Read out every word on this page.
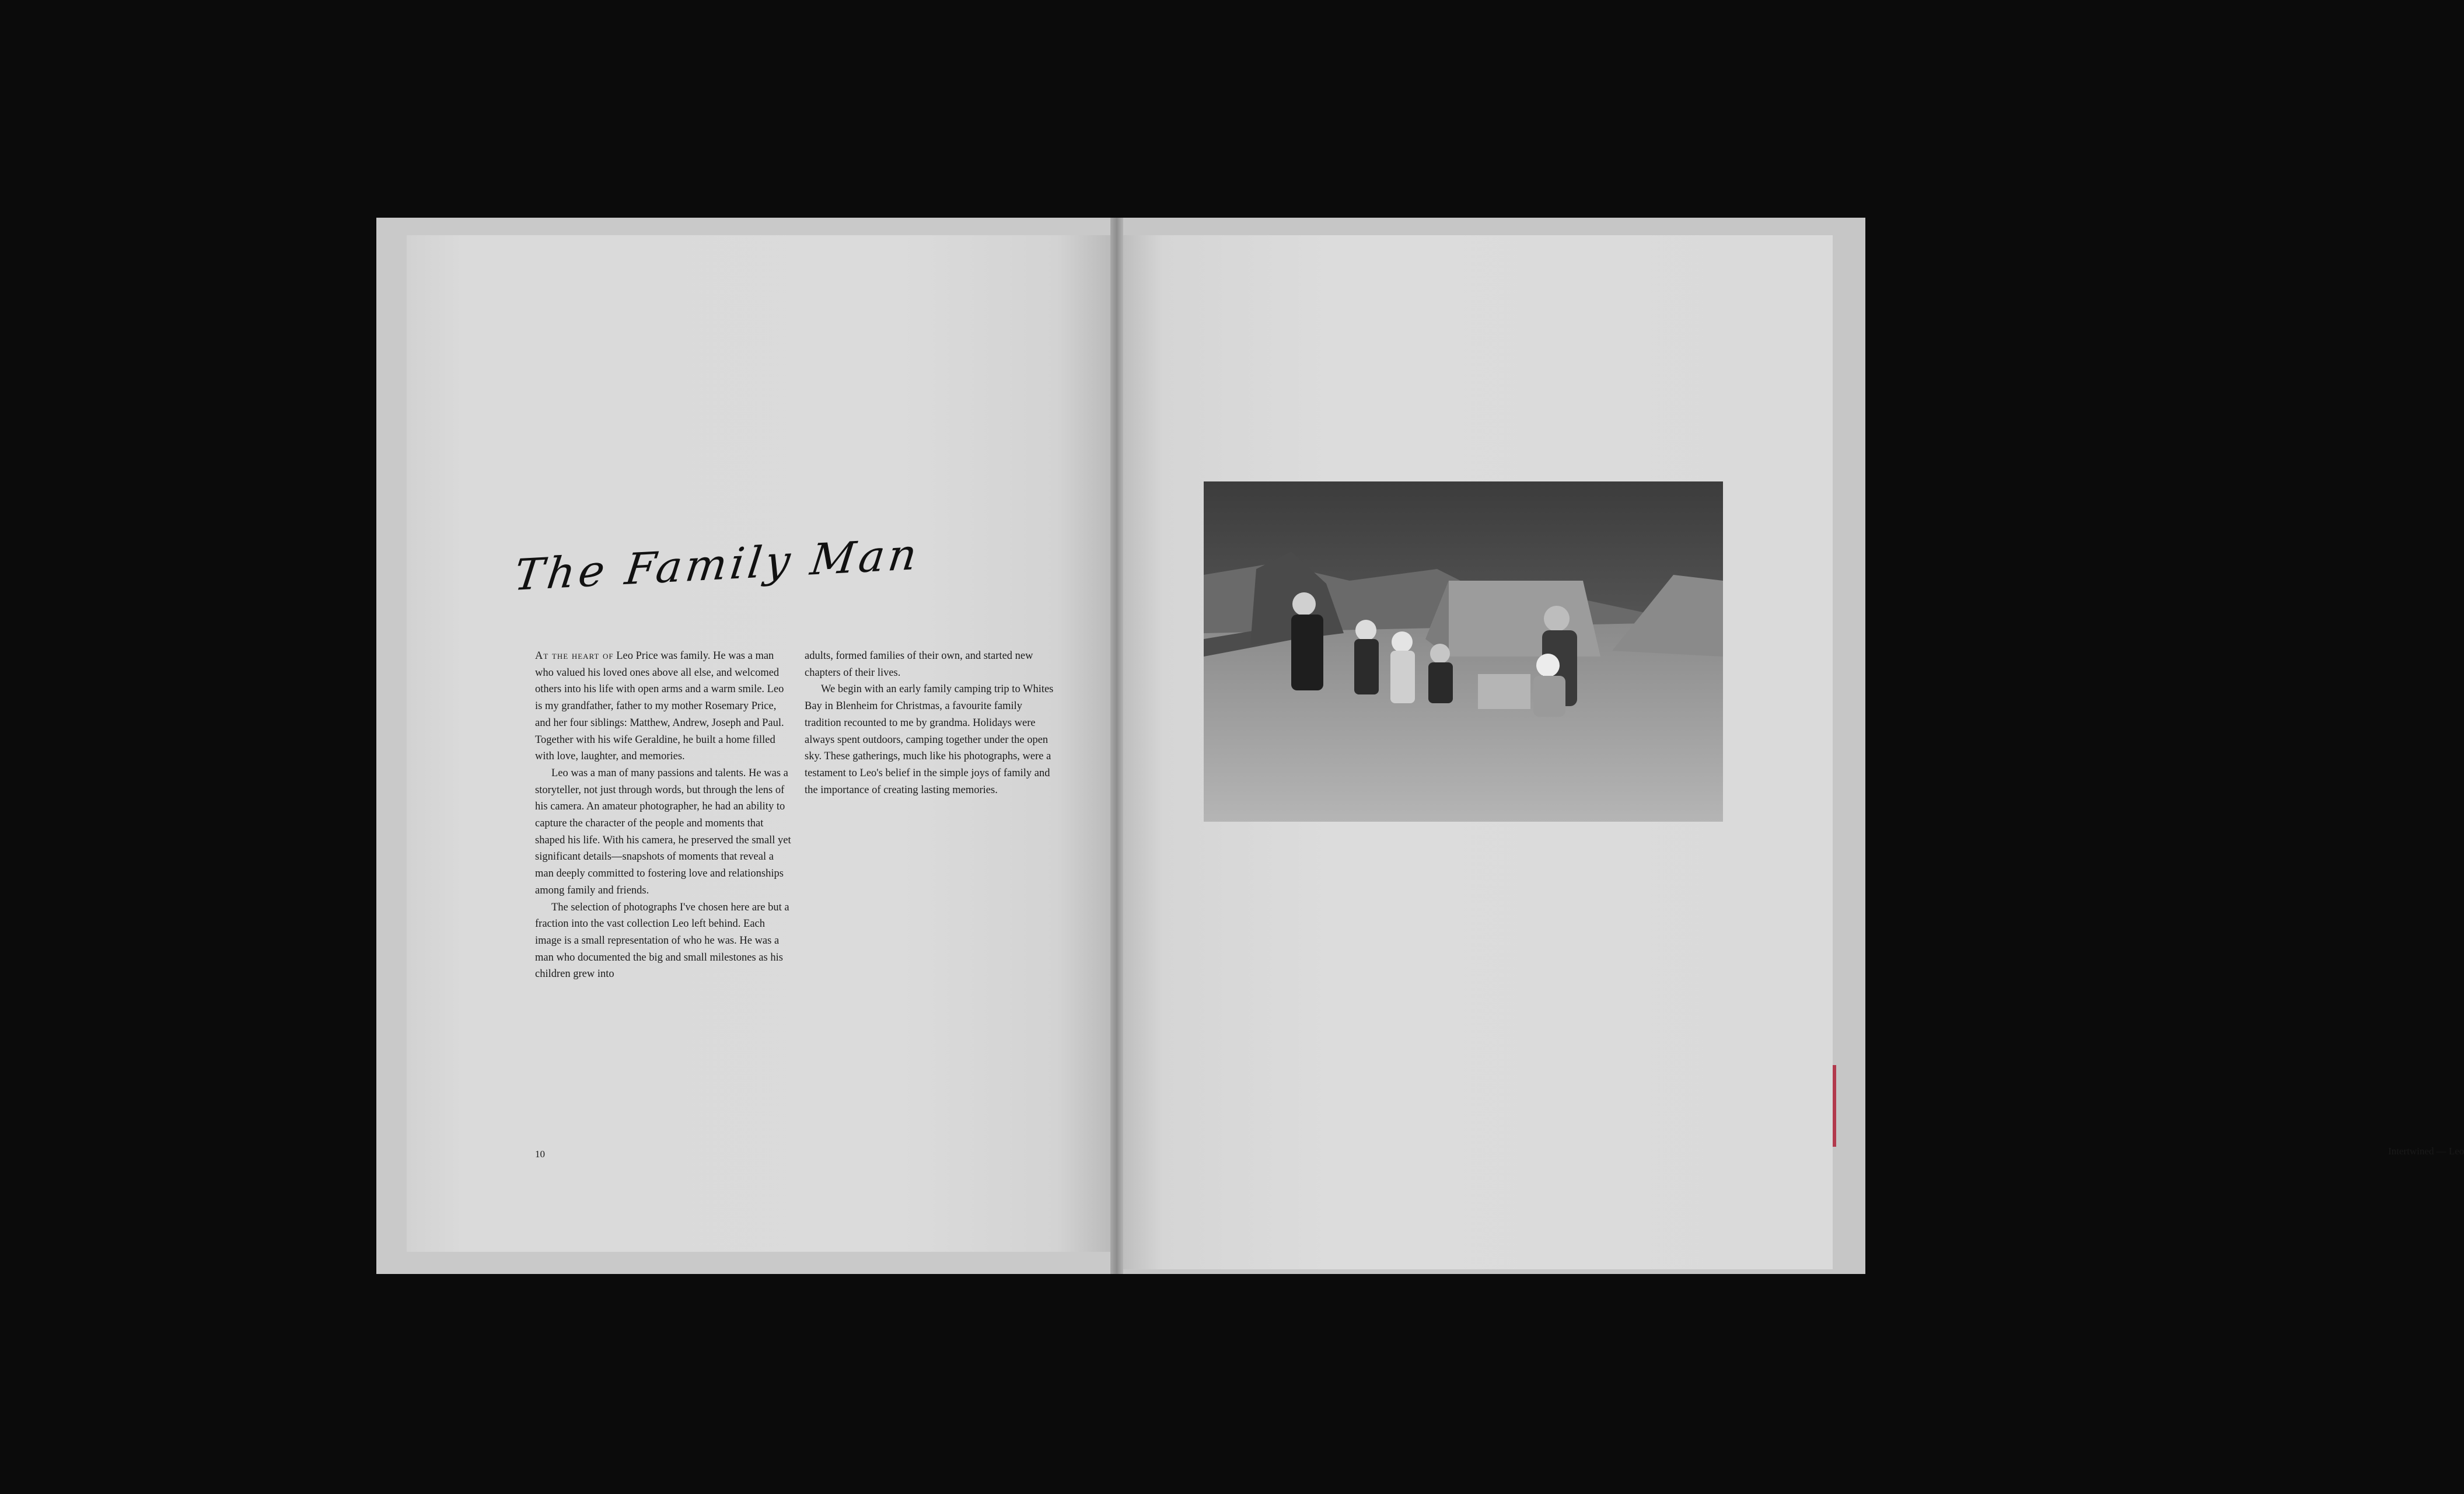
The Family Man

At the heart of Leo Price was family. He was a man who valued his loved ones above all else, and welcomed others into his life with open arms and a warm smile. Leo is my grandfather, father to my mother Rosemary Price, and her four siblings: Matthew, Andrew, Joseph and Paul. Together with his wife Geraldine, he built a home filled with love, laughter, and memories.

Leo was a man of many passions and talents. He was a storyteller, not just through words, but through the lens of his camera. An amateur photographer, he had an ability to capture the character of the people and moments that shaped his life. With his camera, he preserved the small yet significant details—snapshots of moments that reveal a man deeply committed to fostering love and relationships among family and friends.

The selection of photographs I've chosen here are but a fraction into the vast collection Leo left behind. Each image is a small representation of who he was. He was a man who documented the big and small milestones as his children grew into

adults, formed families of their own, and started new chapters of their lives.

We begin with an early family camping trip to Whites Bay in Blenheim for Christmas, a favourite family tradition recounted to me by grandma. Holidays were always spent outdoors, camping together under the open sky. These gatherings, much like his photographs, were a testament to Leo's belief in the simple joys of family and the importance of creating lasting memories.

10	Intertwined — Leo
